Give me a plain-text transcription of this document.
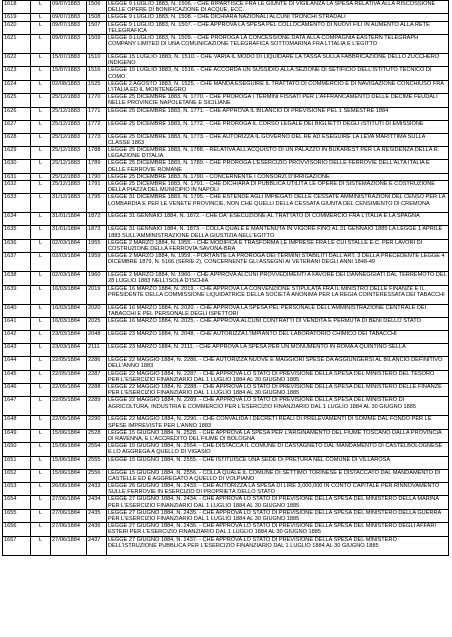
1618	L	09/07/1883	1506	LEGGE 9 LUGLIO 1883, N. 1506. - CHE RIPARTISCE FRA LE GIUNTE DI VIGILANZA LA SPESA RELATIVA ALLA RISCOSSIONE DELLE OPERE DI BONIFICAZIONE DI ACQUE, ECC.
1619	L	09/07/1883	1508	LEGGE 9 LUGLIO 1883, N. 1508. - CHE DICHIARA NAZIONALI ALCUNI TRONCHI STRADALI
1620	L	09/07/1883	1507	LEGGE 9 LUGLIO 1883, N. 1507. - CHE APPROVA LA SPESA PEL COLLOCAMENTO DI NUOVI FILI IN AUMENTO ALLA RETE TELEGRAFICA
1621	L	09/07/1883	1509	LEGGE 9 LUGLIO 1883, N. 1509. - CHE PROROGA LA CONCESSIONE DATA ALLA COMPAGNIA EASTERN TELEGRAPH COMPANY LIMITED DI UNA COMUNICAZIONE TELEGRAFICA SOTTOMARINA FRA L'ITALIA E L'EGITTO
1622	L	15/07/1883	1510	LEGGE 15 LUGLIO 1883, N. 1510. - CHE VARIA IL MODO DI LIQUIDARE LA TASSA SULLA FABBRICAZIONE DELLO ZUCCHERO INDIGENO
1623	L	15/07/1883	1516	LEGGE 15 LUGLIO 1883, N. 1516. - CHE ACCORDA UN SUSSIDIO ALLA SEZIONE DI SETIFICIO DELL'ISTITUTO TECNICO DI COMO
1624	L	02/08/1883	1525	LEGGE 2 AGOSTO 1883, N. 1525. - CHE MANDA ESEGUIRE IL TRATTATO DI COMMERCIO E DI NAVIGAZIONE CONCHIUSO FRA L'ITALIA ED IL MONTENEGRO
1625	L	25/12/1883	1770	LEGGE 25 DICEMBRE 1883, N. 1770. - CHE PROROGA I TERMINI FISSATI PER L'AFFRANCAMENTO DELLE DECIME FEUDALI NELLE PROVINCIE NAPOLETANE E SICILIANE
1626	L	25/12/1883	1771	LEGGE 25 DICEMBRE 1883, N. 1771. - CHE APPROVA IL BILANCIO DI PREVISIONE PEL 1 SEMESTRE 1884
1627	L	25/12/1883	1772	LEGGE 25 DICEMBRE 1883, N. 1772. - CHE PROROGA IL CORSO LEGALE DEI BIGLIETTI DEGLI ISTITUTI DI EMISSIONE
1628	L	25/12/1883	1773	LEGGE 25 DICEMBRE 1883, N. 1773. - CHE AUTORIZZA IL GOVERNO DEL RE AD ESEGUIRE LA LEVA MARITTIMA SULLA CLASSE 1863
1629	L	25/12/1883	1788	LEGGE 25 DICEMBRE 1883, N. 1788. - RELATIVA ALL'ACQUISTO DI UN PALAZZO IN BUKAREST PER LA RESIDENZA DELLA R. LEGAZIONE D'ITALIA
1630	L	25/12/1883	1789	LEGGE 25 DICEMBRE 1883, N. 1789. - CHE PROROGA L'ESERCIZIO PROVVISORIO DELLE FERROVIE DELL'ALTA ITALIA E DELLE FERROVIE ROMANE
1631	L	25/12/1883	1790	LEGGE 25 DICEMBRE 1883, N. 1790. - CONCERNENTE I CONSORZI D'IRRIGAZIONE
1632	L	25/12/1883	1791	LEGGE 25 DICEMBRE 1883, N. 1791. - CHE DICHIARA DI PUBBLICA UTILITÀ LE OPERE DI SISTEMAZIONE E COSTRUZIONE DELLA PIAZZA DEL MUNICIPIO IN NAPOLI
1633	L	31/12/1883	1795	LEGGE 31 DICEMBRE 1883, N. 1795. - CHE ESTENDE AGLI IMPIEGATI DELLE CESSATE AMMINISTRAZIONI DEL CENSO PER LA LOMBARDIA E PER LE VENETE PROVINCIE, NON CHE QUELLI DELLA CESSATA GIUNTA DEL CENSIMENTO DI CREMONA
1634	L	31/01/1884	1872	LEGGE 31 GENNAIO 1884, N. 1872. - CHE DA' ESECUZIONE AL TRATTATO DI COMMERCIO FRA L'ITALIA E LA SPAGNA
1635	L	31/01/1884	1873	LEGGE 31 GENNAIO 1884, N. 1873. - COLLA QUALE È MANTENUTA IN VIGORE FINO AL 31 GENNAIO 1885 LA LEGGE 1 APRILE 1883 SULL'AMMINISTRAZIONE DELLA GIUSTIZIA NELL'EGITTO
1636	L	02/03/1884	1955	LEGGE 2 MARZO 1884, N. 1955. - CHE MODIFICA E TRASFORMA LE IMPRESE FRA LE CUI STALLE E.C. PER LAVORI DI COSTRUZIONE DELLA FERROVIA SAVONA-BRA
1637	L	02/03/1884	1959	LEGGE 2 MARZO 1884, N. 1959. - PORTANTE LA PROROGA DEI TERMINI STABILITI DALL'ART. 3 DELLA PRECEDENTE LEGGE 4 DICEMBRE 1879, N. 5166 (SERIE 2), CONCERNENTE GLI ASSEGNI AI VETERANI DEGLI ANNI 1848-49
1638	L	02/03/1884	1960	LEGGE 2 MARZO 1884, N. 1960. - CHE APPROVA ALCUNI PROVVEDIMENTI A FAVORE DEI DANNEGGIATI DAL TERREMOTO DEL 28 LUGLIO 1883 NELL'ISOLA D'ISCHIA
1639	L	16/03/1884	2019	LEGGE 16 MARZO 1884, N. 2019. - CHE APPROVA LA CONVENZIONE STIPULATA FRA IL MINISTRO DELLE FINANZE E IL PRESIDENTE DELLA COMMISSIONE LIQUIDATRICE DELLA SOCIETÀ ANONIMA PER LA REGIA COINTERESSATA DEI TABACCHI
1640	L	16/03/1884	2020	LEGGE 16 MARZO 1884, N. 2020. - CHE APPROVA LA SPESA PEL PERSONALE DELL'AMMINISTRAZIONE CENTRALE DEI TABACCHI E PEL PERSONALE DEGLI ISPETTORI
1641	L	16/03/1884	2025	LEGGE 16 MARZO 1884, N. 2025. - CHE APPROVA ALCUNI CONTRATTI DI VENDITA E PERMUTA DI BENI DELLO STATO
1642	L	23/03/1884	2048	LEGGE 23 MARZO 1884, N. 2048. - CHE AUTORIZZA L'IMPIANTO DEL LABORATORIO CHIMICO DEI TABACCHI
1643	L	23/03/1884	2111	LEGGE 23 MARZO 1884, N. 2111. - CHE APPROVA LA SPESA PER UN MONUMENTO IN ROMA A QUINTINO SELLA
1644	L	22/05/1884	2286	LEGGE 22 MAGGIO 1884, N. 2286. - CHE AUTORIZZA NUOVE E MAGGIORI SPESE DA AGGIUNGERSI AL BILANCIO DEFINITIVO DELL'ANNO 1883
1645	L	22/05/1884	2287	LEGGE 22 MAGGIO 1884, N. 2287. - CHE APPROVA LO STATO DI PREVISIONE DELLA SPESA DEL MINISTERO DEL TESORO PER L'ESERCIZIO FINANZIARIO DAL 1 LUGLIO 1884 AL 30 GIUGNO 1885
1646	L	22/05/1884	2288	LEGGE 22 MAGGIO 1884, N. 2288. - CHE APPROVA LO STATO DI PREVISIONE DELLA SPESA DEL MINISTERO DELLE FINANZE PER L'ESERCIZIO FINANZIARIO DAL 1 LUGLIO 1884 AL 30 GIUGNO 1885
1647	L	22/05/1884	2289	LEGGE 22 MAGGIO 1884, N. 2289. - CHE APPROVA LO STATO DI PREVISIONE DELLA SPESA DEL MINISTERO DI AGRICOLTURA, INDUSTRIA E COMMERCIO PER L'ESERCIZIO FINANZIARIO DAL 1 LUGLIO 1884 AL 30 GIUGNO 1885
1648	L	22/05/1884	2290	LEGGE 22 MAGGIO 1884, N. 2290. - CHE CONVALIDA I DECRETI REALI DI PRELEVAMENTI DI SOMME DAL FONDO PER LE SPESE IMPREVISTE PER L'ANNO 1883
1649	L	15/06/1884	2528	LEGGE 15 GIUGNO 1884, N. 2528. - CHE APPROVA LA SPESA PER L'ARGINAMENTO DEL FIUME TOSCANO DALLA PROVINCIA DI RAVENNA, E L'ACCREDITO DEL FIUME DI BOLOGNA
1650	L	15/06/1884	2554	LEGGE 15 GIUGNO 1884, N. 2554. - CHE DISTACCA IL COMUNE DI CASTAGNETO DAL MANDAMENTO DI CASTELBOLOGNESE E LO AGGREGA A QUELLO DI VIGASIO
1651	L	15/06/1884	2555	LEGGE 15 GIUGNO 1884, N. 2555. - CHE ISTITUISCE UNA SEDE DI PRETURA NEL COMUNE DI VILLAROSA
1652	L	15/06/1884	2556	LEGGE 15 GIUGNO 1884, N. 2556. - COLLA QUALE IL COMUNE DI SETTIMO TORINESE È DISTACCATO DAL MANDAMENTO DI CASTELLE ED È AGGREGATO A QUELLO DI VOLPIANO
1653	L	26/06/1884	2433	LEGGE 26 GIUGNO 1884, N. 2433. - CHE AUTORIZZA LA SPESA DI LIRE 3,000,000 IN CONTO CAPITALE PER RINNOVAMENTO SULLE FERROVIE IN ESERCIZIO DI PROPRIETÀ DELLO STATO
1654	L	27/06/1884	2434	LEGGE 27 GIUGNO 1884, N. 2434. - CHE APPROVA LO STATO DI PREVISIONE DELLA SPESA DEL MINISTERO DELLA MARINA PER L'ESERCIZIO FINANZIARIO DAL 1 LUGLIO 1884 AL 30 GIUGNO 1885
1655	L	27/06/1884	2435	LEGGE 27 GIUGNO 1884, N. 2435. - CHE APPROVA LO STATO DI PREVISIONE DELLA SPESA DEL MINISTERO DELLA GUERRA PER L'ESERCIZIO FINANZIARIO DAL 1 LUGLIO 1884 AL 30 GIUGNO 1885
1656	L	27/06/1884	2436	LEGGE 27 GIUGNO 1884, N. 2436. - CHE APPROVA LO STATO DI PREVISIONE DELLA SPESA DEL MINISTERO DEGLI AFFARI ESTERI PER L'ESERCIZIO FINANZIARIO DAL 1 LUGLIO 1884 AL 30 GIUGNO 1885
1657	L	27/06/1884	2437	LEGGE 27 GIUGNO 1884, N. 2437. - CHE APPROVA LO STATO DI PREVISIONE DELLA SPESA DEL MINISTERO DELL'ISTRUZIONE PUBBLICA PER L'ESERCIZIO FINANZIARIO DAL 1 LUGLIO 1884 AL 30 GIUGNO 1885
